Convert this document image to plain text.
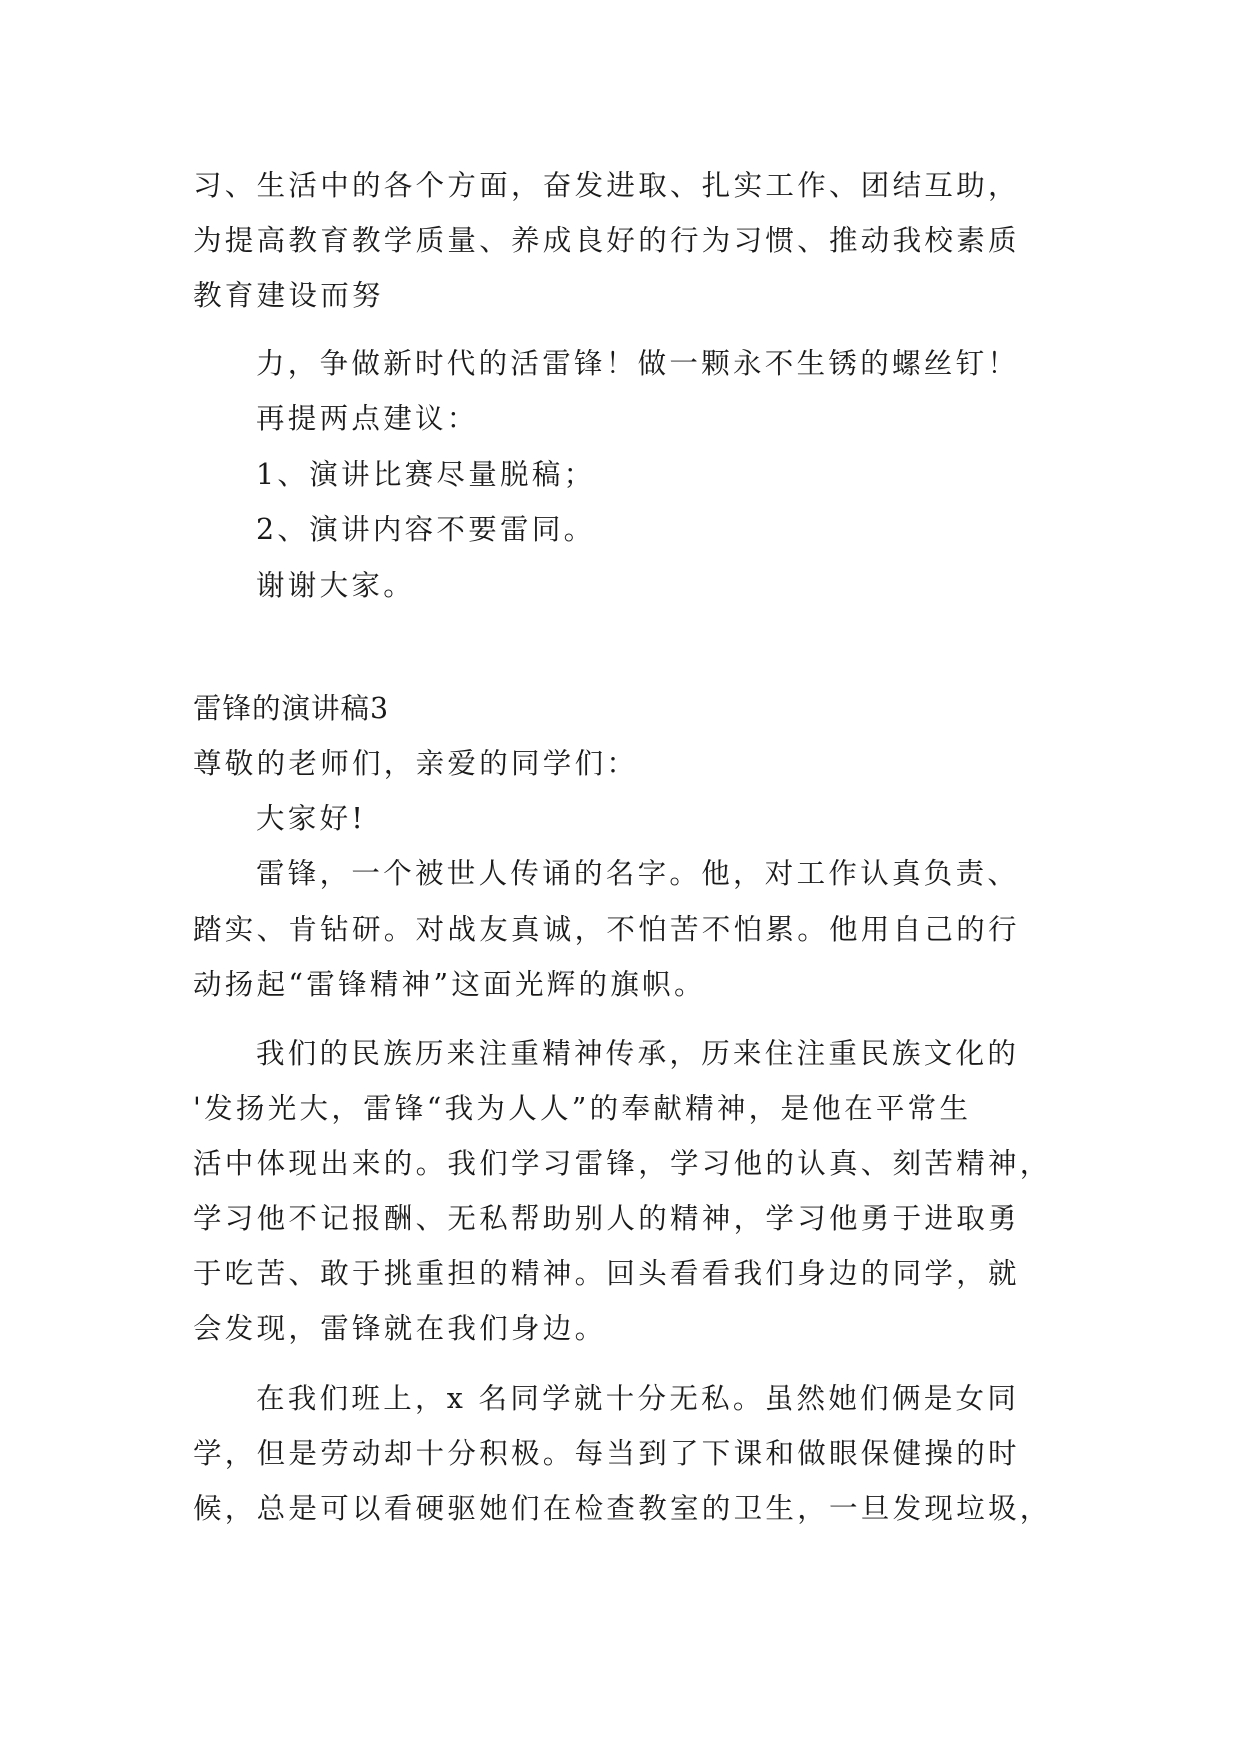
习、生活中的各个方面，奋发进取、扎实工作、团结互助，
为提高教育教学质量、养成良好的行为习惯、推动我校素质
教育建设而努
力，争做新时代的活雷锋！做一颗永不生锈的螺丝钉！
再提两点建议：
1、演讲比赛尽量脱稿；
2、演讲内容不要雷同。
谢谢大家。
雷锋的演讲稿3
尊敬的老师们，亲爱的同学们：
大家好!
雷锋，一个被世人传诵的名字。他，对工作认真负责、
踏实、肯钻研。对战友真诚，不怕苦不怕累。他用自己的行
动扬起“雷锋精神”这面光辉的旗帜。
我们的民族历来注重精神传承，历来住注重民族文化的
'发扬光大，雷锋“我为人人”的奉献精神，是他在平常生
活中体现出来的。我们学习雷锋，学习他的认真、刻苦精神，
学习他不记报酬、无私帮助别人的精神，学习他勇于进取勇
于吃苦、敢于挑重担的精神。回头看看我们身边的同学，就
会发现，雷锋就在我们身边。
在我们班上，x 名同学就十分无私。虽然她们俩是女同
学，但是劳动却十分积极。每当到了下课和做眼保健操的时
候，总是可以看硬驱她们在检查教室的卫生，一旦发现垃圾，
